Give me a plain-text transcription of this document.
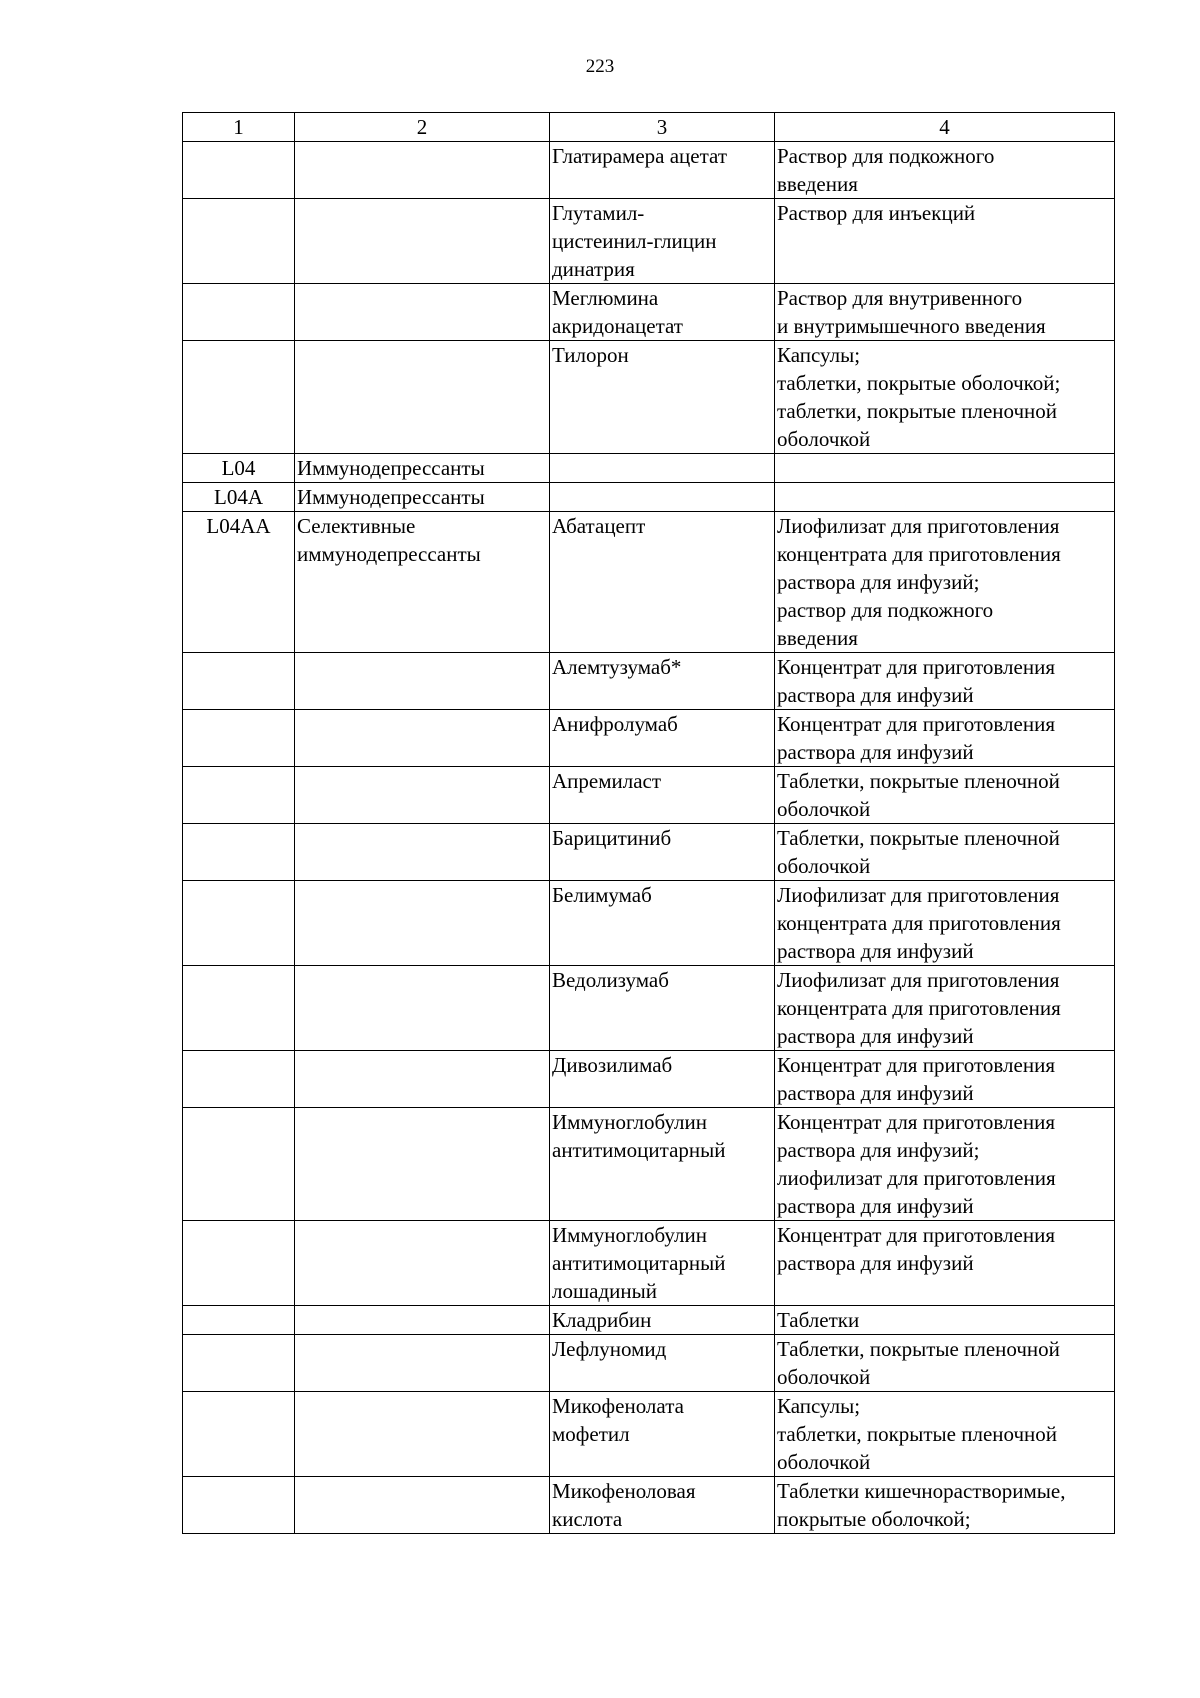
223
1	2	3	4
		Глатирамера ацетат	Раствор для подкожного
введения
		Глутамил-
цистеинил-глицин
динатрия	Раствор для инъекций
		Меглюмина
акридонацетат	Раствор для внутривенного
и внутримышечного введения
		Тилорон	Капсулы;
таблетки, покрытые оболочкой;
таблетки, покрытые пленочной
оболочкой
L04	Иммунодепрессанты		
L04A	Иммунодепрессанты		
L04AA	Селективные
иммунодепрессанты	Абатацепт	Лиофилизат для приготовления
концентрата для приготовления
раствора для инфузий;
раствор для подкожного
введения
		Алемтузумаб*	Концентрат для приготовления
раствора для инфузий
		Анифролумаб	Концентрат для приготовления
раствора для инфузий
		Апремиласт	Таблетки, покрытые пленочной
оболочкой
		Барицитиниб	Таблетки, покрытые пленочной
оболочкой
		Белимумаб	Лиофилизат для приготовления
концентрата для приготовления
раствора для инфузий
		Ведолизумаб	Лиофилизат для приготовления
концентрата для приготовления
раствора для инфузий
		Дивозилимаб	Концентрат для приготовления
раствора для инфузий
		Иммуноглобулин
антитимоцитарный	Концентрат для приготовления
раствора для инфузий;
лиофилизат для приготовления
раствора для инфузий
		Иммуноглобулин
антитимоцитарный
лошадиный	Концентрат для приготовления
раствора для инфузий
		Кладрибин	Таблетки
		Лефлуномид	Таблетки, покрытые пленочной
оболочкой
		Микофенолата
мофетил	Капсулы;
таблетки, покрытые пленочной
оболочкой
		Микофеноловая
кислота	Таблетки кишечнорастворимые,
покрытые оболочкой;
